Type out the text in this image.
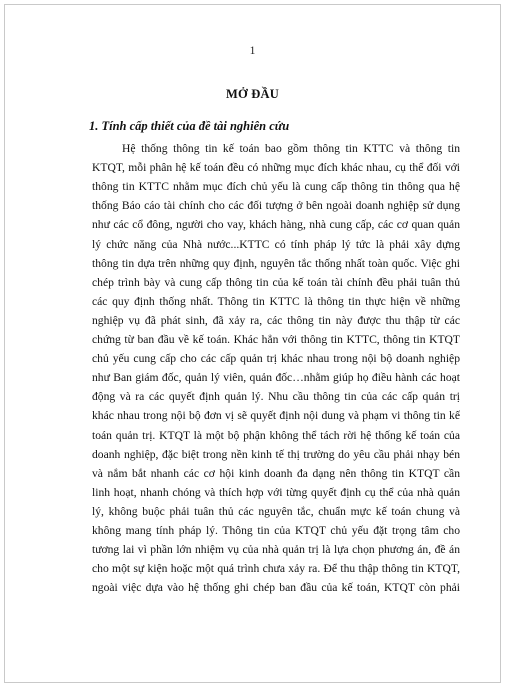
1
MỞ ĐẦU
1. Tính cấp thiết của đề tài nghiên cứu
Hệ thống thông tin kế toán bao gồm thông tin KTTC và thông tin
KTQT, mỗi phân hệ kế toán đều có những mục đích khác nhau, cụ thể đối với
thông tin KTTC nhằm mục đích chủ yếu là cung cấp thông tin thông qua hệ
thống Báo cáo tài chính cho các đối tượng ở bên ngoài doanh nghiệp sử dụng
như các cổ đông, người cho vay, khách hàng, nhà cung cấp, các cơ quan quản
lý chức năng của Nhà nước...KTTC có tính pháp lý tức là phải xây dựng
thông tin dựa trên những quy định, nguyên tắc thống nhất toàn quốc. Việc ghi
chép trình bày và cung cấp thông tin của kế toán tài chính đều phải tuân thủ
các quy định thống nhất. Thông tin KTTC là thông tin thực hiện về những
nghiệp vụ đã phát sinh, đã xảy ra, các thông tin này được thu thập từ các
chứng từ ban đầu về kế toán. Khác hẳn với thông tin KTTC, thông tin KTQT
chủ yếu cung cấp cho các cấp quản trị khác nhau trong nội bộ doanh nghiệp
như Ban giám đốc, quản lý viên, quản đốc…nhằm giúp họ điều hành các hoạt
động và ra các quyết định quản lý. Nhu cầu thông tin của các cấp quản trị
khác nhau trong nội bộ đơn vị sẽ quyết định nội dung và phạm vi thông tin kế
toán quản trị. KTQT là một bộ phận không thể tách rời hệ thống kế toán của
doanh nghiệp, đặc biệt trong nền kinh tế thị trường do yêu cầu phải nhạy bén
và nắm bắt nhanh các cơ hội kinh doanh đa dạng nên thông tin KTQT cần
linh hoạt, nhanh chóng và thích hợp với từng quyết định cụ thể của nhà quản
lý, không buộc phải tuân thủ các nguyên tắc, chuẩn mực kế toán chung và
không mang tính pháp lý. Thông tin của KTQT chủ yếu đặt trọng tâm cho
tương lai vì phần lớn nhiệm vụ của nhà quản trị là lựa chọn phương án, đề án
cho một sự kiện hoặc một quá trình chưa xảy ra. Để thu thập thông tin KTQT,
ngoài việc dựa vào hệ thống ghi chép ban đầu của kế toán, KTQT còn phải
